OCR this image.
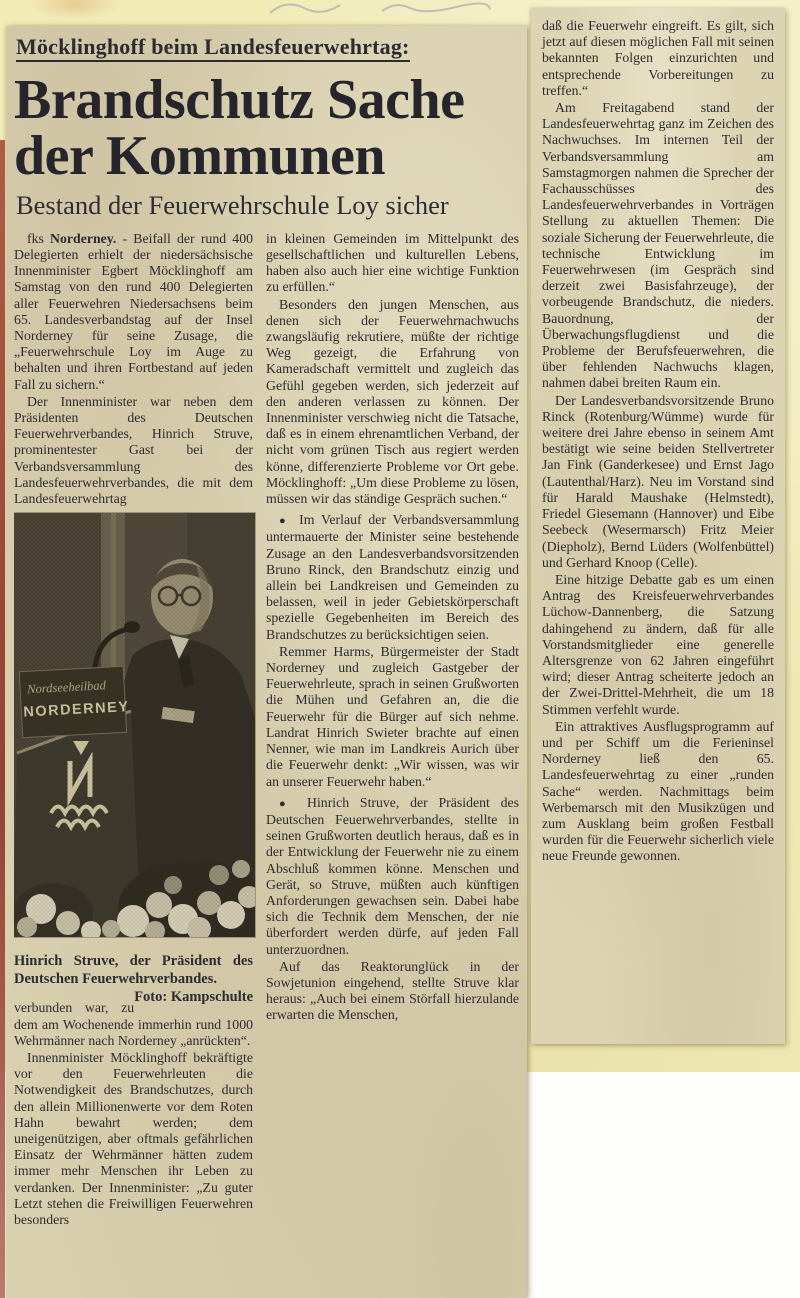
Möcklinghoff beim Landesfeuerwehrtag:
Brandschutz Sache
der Kommunen
Bestand der Feuerwehrschule Loy sicher

fks Norderney. - Beifall der rund 400 Delegierten erhielt der niedersächsische Innenminister Egbert Möcklinghoff am Samstag von den rund 400 Delegierten aller Feuerwehren Niedersachsens beim 65. Landesverbandstag auf der Insel Norderney für seine Zusage, die „Feuerwehrschule Loy im Auge zu behalten und ihren Fortbestand auf jeden Fall zu sichern.“

Der Innenminister war neben dem Präsidenten des Deutschen Feuerwehrverbandes, Hinrich Struve, prominentester Gast bei der Verbandsversammlung des Landesfeuerwehrverbandes, die mit dem Landesfeuerwehrtag

Hinrich Struve, der Präsident des Deutschen Feuerwehrverbandes.
Foto: Kampschulte

verbunden war, zu dem am Wochenende immerhin rund 1000 Wehrmänner nach Norderney „anrückten“.

Innenminister Möcklinghoff bekräftigte vor den Feuerwehrleuten die Notwendigkeit des Brandschutzes, durch den allein Millionenwerte vor dem Roten Hahn bewahrt werden; dem uneigenützigen, aber oftmals gefährlichen Einsatz der Wehrmänner hätten zudem immer mehr Menschen ihr Leben zu verdanken. Der Innenminister: „Zu guter Letzt stehen die Freiwilligen Feuerwehren besonders

in kleinen Gemeinden im Mittelpunkt des gesellschaftlichen und kulturellen Lebens, haben also auch hier eine wichtige Funktion zu erfüllen.“

Besonders den jungen Menschen, aus denen sich der Feuerwehrnachwuchs zwangsläufig rekrutiere, müßte der richtige Weg gezeigt, die Erfahrung von Kameradschaft vermittelt und zugleich das Gefühl gegeben werden, sich jederzeit auf den anderen verlassen zu können. Der Innenminister verschwieg nicht die Tatsache, daß es in einem ehrenamtlichen Verband, der nicht vom grünen Tisch aus regiert werden könne, differenzierte Probleme vor Ort gebe. Möcklinghoff: „Um diese Probleme zu lösen, müssen wir das ständige Gespräch suchen.“

● Im Verlauf der Verbandsversammlung untermauerte der Minister seine bestehende Zusage an den Landesverbandsvorsitzenden Bruno Rinck, den Brandschutz einzig und allein bei Landkreisen und Gemeinden zu belassen, weil in jeder Gebietskörperschaft spezielle Gegebenheiten im Bereich des Brandschutzes zu berücksichtigen seien.

Remmer Harms, Bürgermeister der Stadt Norderney und zugleich Gastgeber der Feuerwehrleute, sprach in seinen Grußworten die Mühen und Gefahren an, die die Feuerwehr für die Bürger auf sich nehme. Landrat Hinrich Swieter brachte auf einen Nenner, wie man im Landkreis Aurich über die Feuerwehr denkt: „Wir wissen, was wir an unserer Feuerwehr haben.“

● Hinrich Struve, der Präsident des Deutschen Feuerwehrverbandes, stellte in seinen Grußworten deutlich heraus, daß es in der Entwicklung der Feuerwehr nie zu einem Abschluß kommen könne. Menschen und Gerät, so Struve, müßten auch künftigen Anforderungen gewachsen sein. Dabei habe sich die Technik dem Menschen, der nie überfordert werden dürfe, auf jeden Fall unterzuordnen.

Auf das Reaktorunglück in der Sowjetunion eingehend, stellte Struve klar heraus: „Auch bei einem Störfall hierzulande erwarten die Menschen,

daß die Feuerwehr eingreift. Es gilt, sich jetzt auf diesen möglichen Fall mit seinen bekannten Folgen einzurichten und entsprechende Vorbereitungen zu treffen.“

Am Freitagabend stand der Landesfeuerwehrtag ganz im Zeichen des Nachwuchses. Im internen Teil der Verbandsversammlung am Samstagmorgen nahmen die Sprecher der Fachausschüsses des Landesfeuerwehrverbandes in Vorträgen Stellung zu aktuellen Themen: Die soziale Sicherung der Feuerwehrleute, die technische Entwicklung im Feuerwehrwesen (im Gespräch sind derzeit zwei Basisfahrzeuge), der vorbeugende Brandschutz, die nieders. Bauordnung, der Überwachungsflugdienst und die Probleme der Berufsfeuerwehren, die über fehlenden Nachwuchs klagen, nahmen dabei breiten Raum ein.

Der Landesverbandsvorsitzende Bruno Rinck (Rotenburg/Wümme) wurde für weitere drei Jahre ebenso in seinem Amt bestätigt wie seine beiden Stellvertreter Jan Fink (Ganderkesee) und Ernst Jago (Lautenthal/Harz). Neu im Vorstand sind für Harald Maushake (Helmstedt), Friedel Giesemann (Hannover) und Eibe Seebeck (Wesermarsch) Fritz Meier (Diepholz), Bernd Lüders (Wolfenbüttel) und Gerhard Knoop (Celle).

Eine hitzige Debatte gab es um einen Antrag des Kreisfeuerwehrverbandes Lüchow-Dannenberg, die Satzung dahingehend zu ändern, daß für alle Vorstandsmitglieder eine generelle Altersgrenze von 62 Jahren eingeführt wird; dieser Antrag scheiterte jedoch an der Zwei-Drittel-Mehrheit, die um 18 Stimmen verfehlt wurde.

Ein attraktives Ausflugsprogramm auf und per Schiff um die Ferieninsel Norderney ließ den 65. Landesfeuerwehrtag zu einer „runden Sache“ werden. Nachmittags beim Werbemarsch mit den Musikzügen und zum Ausklang beim großen Festball wurden für die Feuerwehr sicherlich viele neue Freunde gewonnen.
